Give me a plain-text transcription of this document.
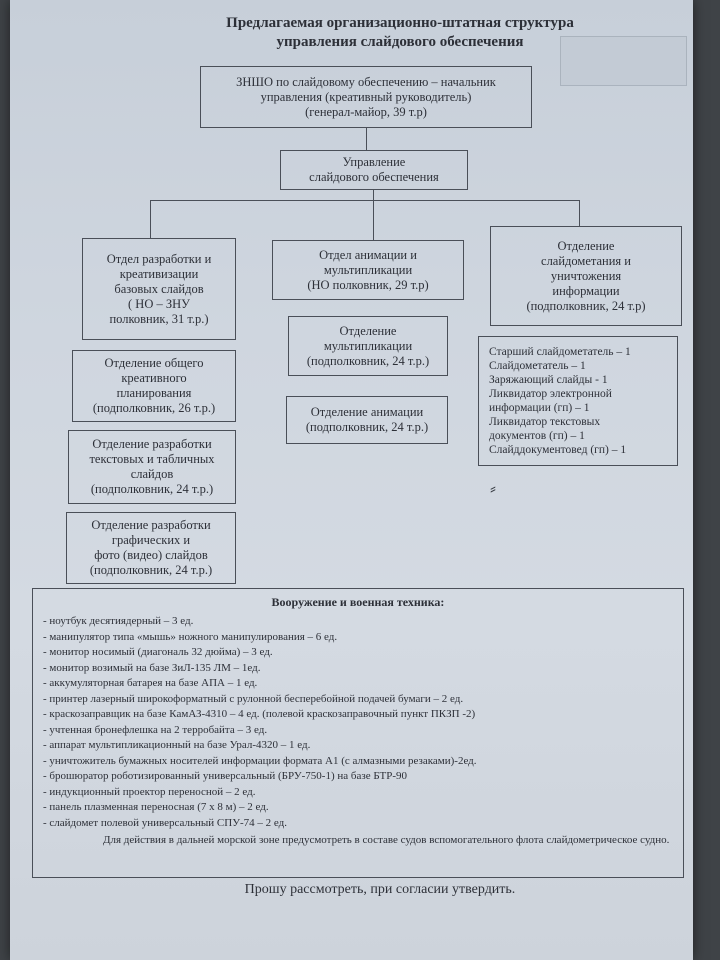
Предлагаемая организационно-штатная структура
управления слайдового обеспечения
ЗНШО по слайдовому обеспечению – начальник
управления (креативный руководитель)
(генерал-майор, 39 т.р)
Управление
слайдового обеспечения
Отдел разработки и
креативизации
базовых слайдов
( НО – ЗНУ
полковник, 31 т.р.)
Отдел анимации и
мультипликации
(НО полковник, 29 т.р)
Отделение
слайдометания и
уничтожения
информации
(подполковник, 24 т.р)
Отделение общего
креативного
планирования
(подполковник, 26 т.р.)
Отделение разработки
текстовых и табличных
слайдов
(подполковник, 24 т.р.)
Отделение разработки
графических и
фото (видео) слайдов
(подполковник, 24 т.р.)
Отделение
мультипликации
(подполковник, 24 т.р.)
Отделение анимации
(подполковник, 24 т.р.)
Старший слайдометатель – 1
Слайдометатель – 1
Заряжающий слайды - 1
Ликвидатор электронной
информации (гп) – 1
Ликвидатор текстовых
документов (гп) – 1
Слайддокументовед (гп) – 1
⸗
Вооружение и военная техника:
- ноутбук десятиядерный – 3 ед.
- манипулятор типа «мышь» ножного манипулирования – 6 ед.
- монитор носимый (диагональ 32 дюйма) – 3 ед.
- монитор возимый на базе ЗиЛ-135 ЛМ – 1ед.
- аккумуляторная батарея на базе АПА – 1 ед.
- принтер лазерный широкоформатный с рулонной бесперебойной подачей бумаги – 2 ед.
- краскозаправщик на базе КамАЗ-4310 – 4 ед. (полевой краскозаправочный пункт ПКЗП -2)
- учтенная бронефлешка на 2 терробайта – 3 ед.
- аппарат мультипликационный на базе Урал-4320 – 1 ед.
- уничтожитель бумажных носителей информации формата А1 (с алмазными резаками)-2ед.
- брошюратор роботизированный универсальный (БРУ-750-1) на базе БТР-90
- индукционный проектор переносной – 2 ед.
- панель плазменная переносная (7 х 8 м) – 2 ед.
- слайдомет полевой универсальный СПУ-74 – 2 ед.
Для действия в дальней морской зоне предусмотреть в составе судов вспомогательного флота слайдометрическое судно.
Прошу рассмотреть, при согласии утвердить.
